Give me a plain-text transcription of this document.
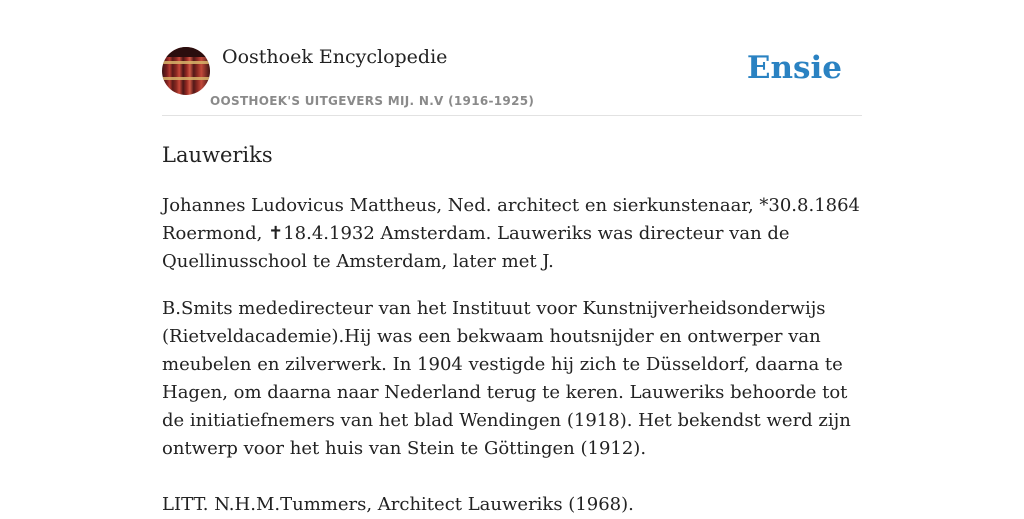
Oosthoek Encyclopedie
OOSTHOEK'S UITGEVERS MIJ. N.V (1916-1925)
Ensie
Lauweriks

Johannes Ludovicus Mattheus, Ned. architect en sierkunstenaar, *30.8.1864 Roermond, ✝18.4.1932 Amsterdam. Lauweriks was directeur van de Quellinusschool te Amsterdam, later met J.

B.Smits mededirecteur van het Instituut voor Kunstnijverheidsonderwijs (Rietveldacademie).Hij was een bekwaam houtsnijder en ontwerper van meubelen en zilverwerk. In 1904 vestigde hij zich te Düsseldorf, daarna te Hagen, om daarna naar Nederland terug te keren. Lauweriks behoorde tot de initiatiefnemers van het blad Wendingen (1918). Het bekendst werd zijn ontwerp voor het huis van Stein te Göttingen (1912).

LITT. N.H.M.Tummers, Architect Lauweriks (1968).
